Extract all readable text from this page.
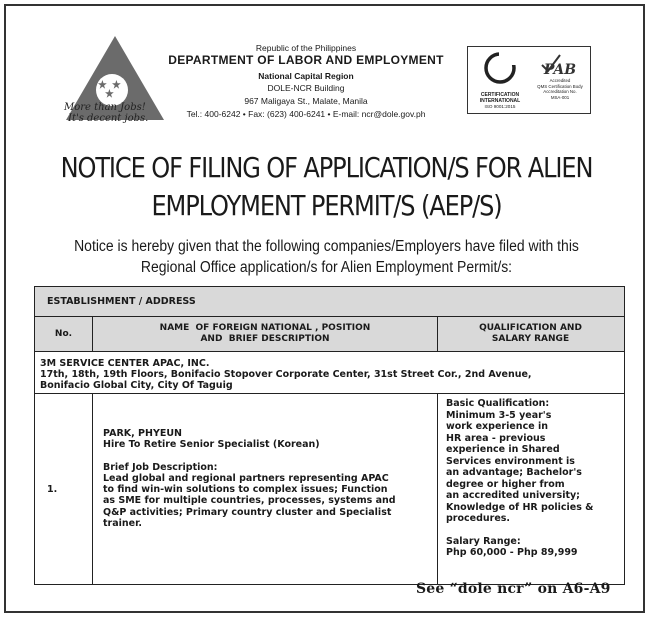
More than Jobs!
It's decent jobs.
Republic of the Philippines
DEPARTMENT OF LABOR AND EMPLOYMENT
National Capital Region
DOLE-NCR Building
967 Maligaya St., Malate, Manila
Tel.: 400-6242 • Fax: (623) 400-6241 • E-mail: ncr@dole.gov.ph
CERTIFICATION
INTERNATIONAL
ISO 9001:2015
PAB
Accredited
QMS Certification Body
Accreditation No.
MSA-001
NOTICE OF FILING OF APPLICATION/S FOR ALIEN
EMPLOYMENT PERMIT/S (AEP/S)
Notice is hereby given that the following companies/Employers have filed with this
Regional Office application/s for Alien Employment Permit/s:
ESTABLISHMENT / ADDRESS
No.
NAME  OF FOREIGN NATIONAL , POSITION
AND  BRIEF DESCRIPTION
QUALIFICATION AND
SALARY RANGE
3M SERVICE CENTER APAC, INC.
17th, 18th, 19th Floors, Bonifacio Stopover Corporate Center, 31st Street Cor., 2nd Avenue,
Bonifacio Global City, City Of Taguig
1.
PARK, PHYEUN
Hire To Retire Senior Specialist (Korean)
Brief Job Description:
Lead global and regional partners representing APAC
to find win-win solutions to complex issues; Function
as SME for multiple countries, processes, systems and
Q&P activities; Primary country cluster and Specialist
trainer.
Basic Qualification:
Minimum 3-5 year's
work experience in
HR area - previous
experience in Shared
Services environment is
an advantage; Bachelor's
degree or higher from
an accredited university;
Knowledge of HR policies &
procedures.
Salary Range:
Php 60,000 - Php 89,999
See “dole ncr” on A6-A9
